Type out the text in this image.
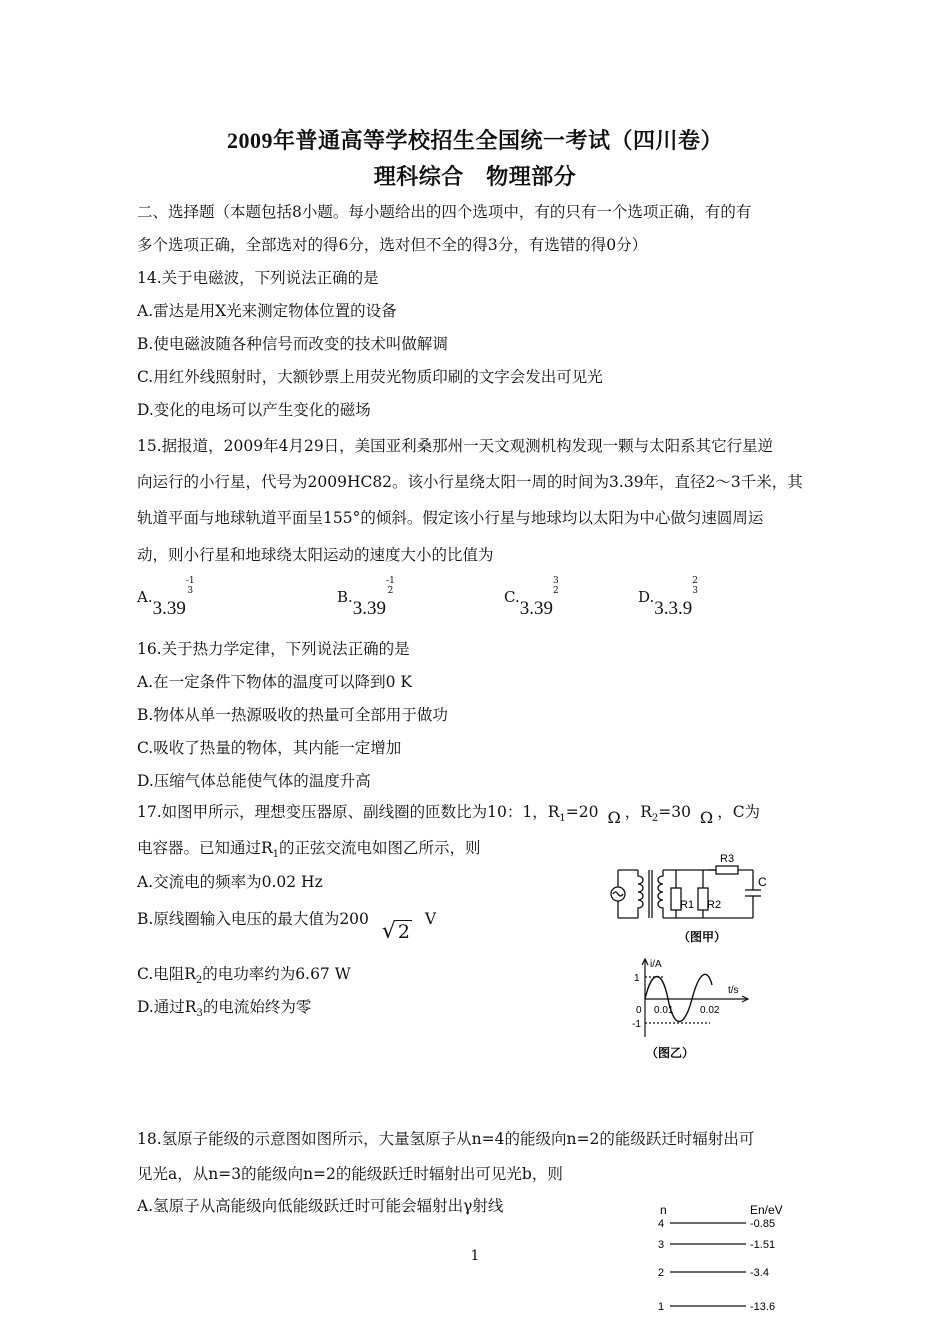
2009年普通高等学校招生全国统一考试（四川卷）
理科综合　物理部分
二、选择题（本题包括8小题。每小题给出的四个选项中，有的只有一个选项正确，有的有
多个选项正确，全部选对的得6分，选对但不全的得3分，有选错的得0分）
14.关于电磁波，下列说法正确的是
A.雷达是用X光来测定物体位置的设备
B.使电磁波随各种信号而改变的技术叫做解调
C.用红外线照射时，大额钞票上用荧光物质印刷的文字会发出可见光
D.变化的电场可以产生变化的磁场
15.据报道，2009年4月29日，美国亚利桑那州一天文观测机构发现一颗与太阳系其它行星逆
向运行的小行星，代号为2009HC82。该小行星绕太阳一周的时间为3.39年，直径2～3千米，其
轨道平面与地球轨道平面呈155°的倾斜。假定该小行星与地球均以太阳为中心做匀速圆周运
动，则小行星和地球绕太阳运动的速度大小的比值为
A.3.39
-1
3	B.3.39
-1
2	C.3.39
3
2	D.3.3.9
2
3
16.关于热力学定律，下列说法正确的是
A.在一定条件下物体的温度可以降到0 K
B.物体从单一热源吸收的热量可全部用于做功
C.吸收了热量的物体，其内能一定增加
D.压缩气体总能使气体的温度升高
17.如图甲所示，理想变压器原、副线圈的匝数比为10：1，$R_1=20$ Ω ，$R_2=30$ Ω ，C为
电容器。已知通过$R_1$的正弦交流电如图乙所示，则
A.交流电的频率为0.02 Hz
B.原线圈输入电压的最大值为200 √ 2 V
C.电阻$R_2$的电功率约为6.67 W
D.通过$R_3$的电流始终为零
R3
C
R1 R2
（图甲）
i/A
t/s
1
-1
0 0.01	0.02
（图乙）
18.氢原子能级的示意图如图所示，大量氢原子从n=4的能级向n=2的能级跃迁时辐射出可
见光a，从n=3的能级向n=2的能级跃迁时辐射出可见光b，则
A.氢原子从高能级向低能级跃迁时可能会辐射出γ射线	n	En/eV
4	-0.85
3	-1.51
2	-3.4
1	-13.6
1
